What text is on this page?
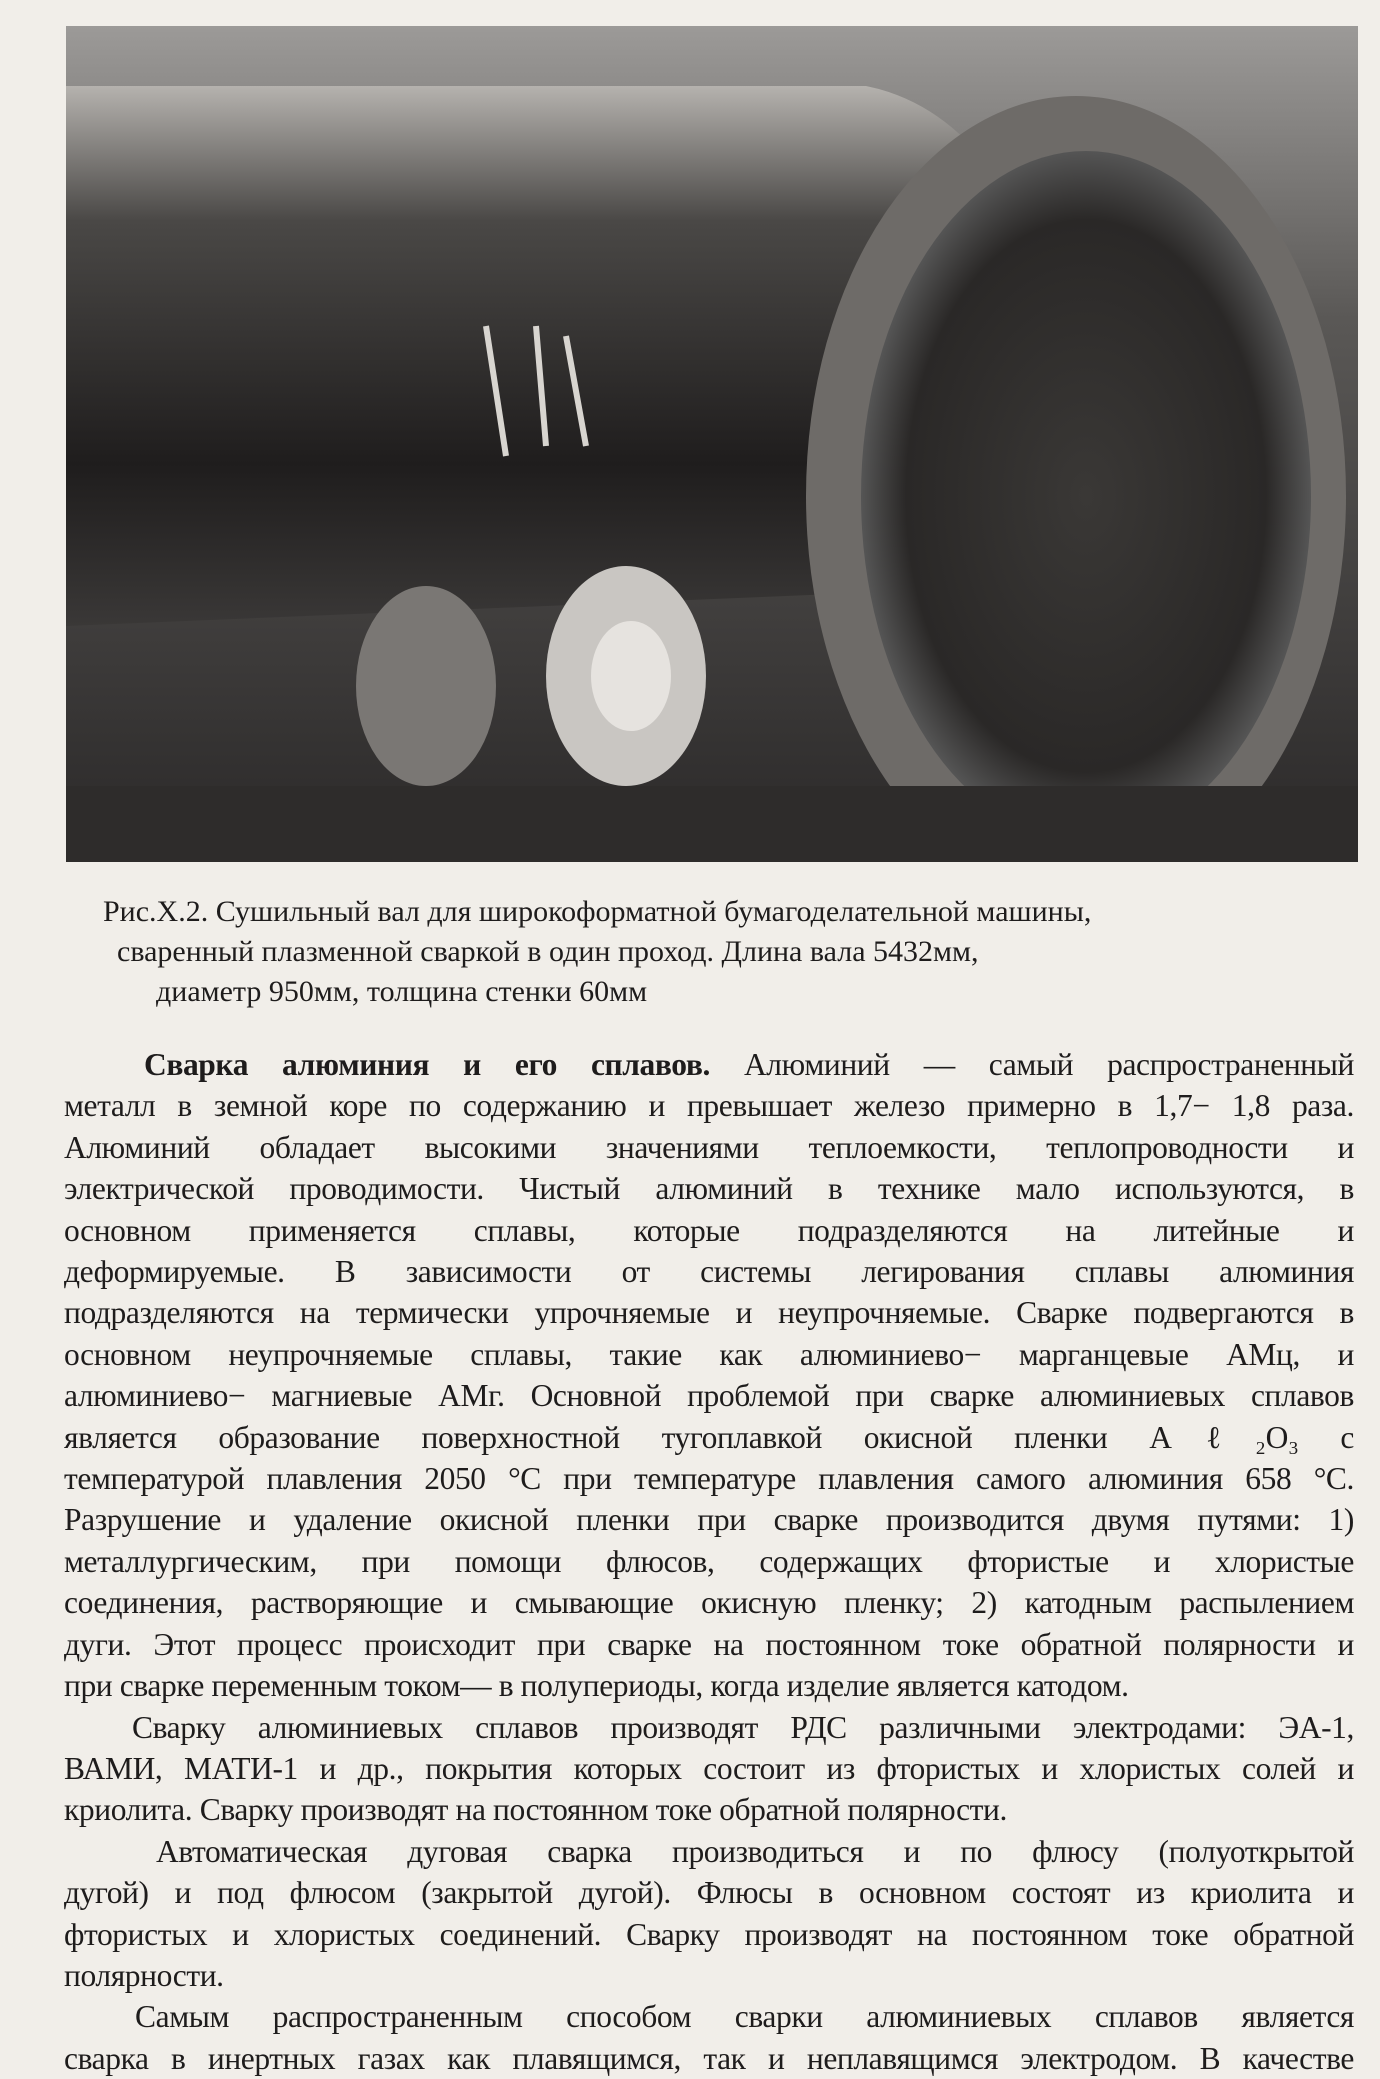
Рис.Х.2. Сушильный вал для широкоформатной бумагоделательной машины,
сваренный плазменной сваркой в один проход. Длина вала 5432мм,
диаметр 950мм, толщина стенки 60мм
Сварка алюминия и его сплавов. Алюминий — самый распространенный
металл в земной коре по содержанию и превышает железо примерно в 1,7− 1,8 раза.
Алюминий обладает высокими значениями теплоемкости, теплопроводности и
электрической проводимости. Чистый алюминий в технике мало используются, в
основном применяется сплавы, которые подразделяются на литейные и
деформируемые. В зависимости от системы легирования сплавы алюминия
подразделяются на термически упрочняемые и неупрочняемые. Сварке подвергаются в
основном неупрочняемые сплавы, такие как алюминиево− марганцевые АМц, и
алюминиево− магниевые АМг. Основной проблемой при сварке алюминиевых сплавов
является образование поверхностной тугоплавкой окисной пленки Aℓ₂O₃ с
температурой плавления 2050 °С при температуре плавления самого алюминия 658 °С.
Разрушение и удаление окисной пленки при сварке производится двумя путями: 1)
металлургическим, при помощи флюсов, содержащих фтористые и хлористые
соединения, растворяющие и смывающие окисную пленку; 2) катодным распылением
дуги. Этот процесс происходит при сварке на постоянном токе обратной полярности и
при сварке переменным током— в полупериоды, когда изделие является катодом.
Сварку алюминиевых сплавов производят РДС различными электродами: ЭА-1,
ВАМИ, МАТИ-1 и др., покрытия которых состоит из фтористых и хлористых солей и
криолита. Сварку производят на постоянном токе обратной полярности.
Автоматическая дуговая сварка производиться и по флюсу (полуоткрытой
дугой) и под флюсом (закрытой дугой). Флюсы в основном состоят из криолита и
фтористых и хлористых соединений. Сварку производят на постоянном токе обратной
полярности.
Самым распространенным способом сварки алюминиевых сплавов является
сварка в инертных газах как плавящимся, так и неплавящимся электродом. В качестве
